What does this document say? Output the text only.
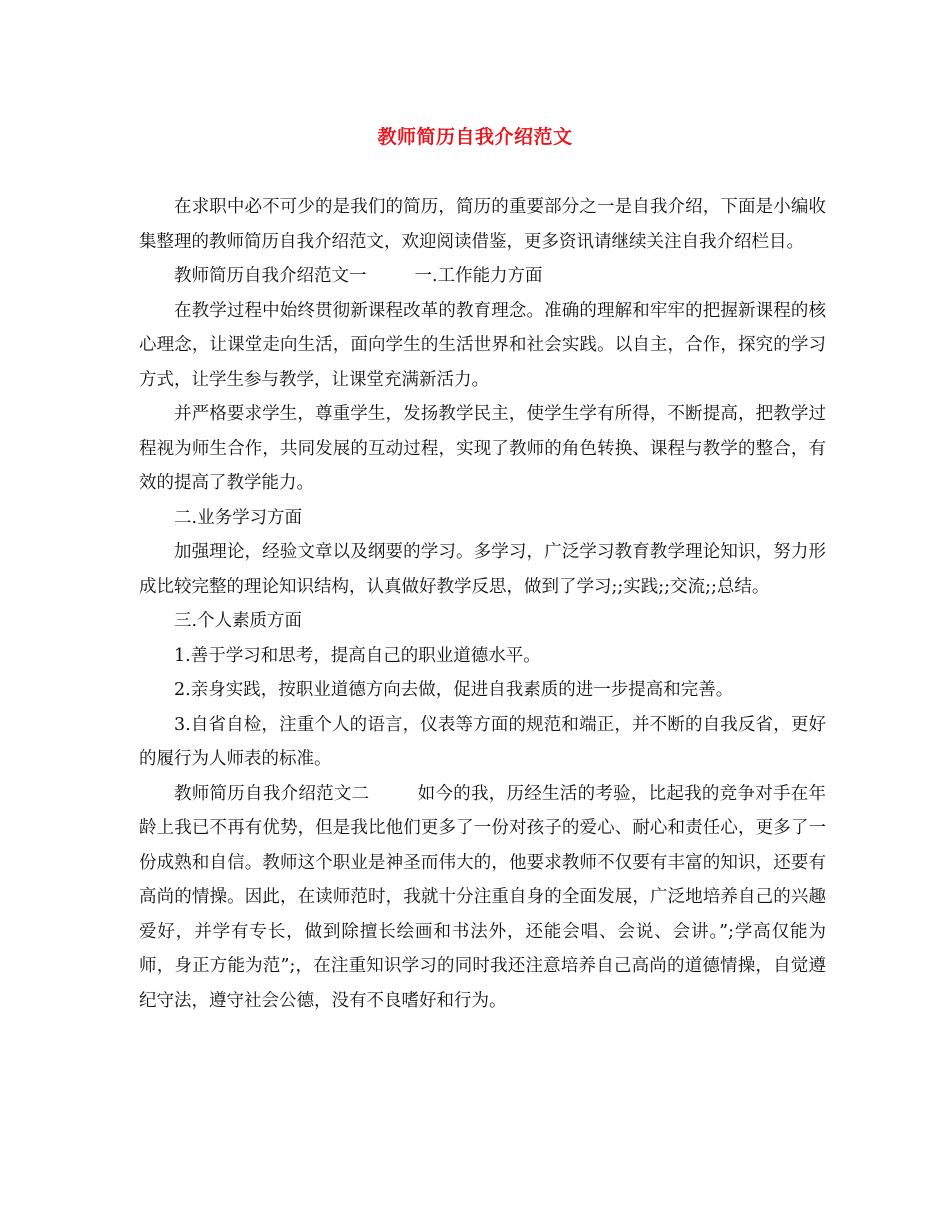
教师简历自我介绍范文

在求职中必不可少的是我们的简历，简历的重要部分之一是自我介绍，下面是小编收集整理的教师简历自我介绍范文，欢迎阅读借鉴，更多资讯请继续关注自我介绍栏目。

教师简历自我介绍范文一	一.工作能力方面

在教学过程中始终贯彻新课程改革的教育理念。准确的理解和牢牢的把握新课程的核心理念，让课堂走向生活，面向学生的生活世界和社会实践。以自主，合作，探究的学习方式，让学生参与教学，让课堂充满新活力。

并严格要求学生，尊重学生，发扬教学民主，使学生学有所得，不断提高，把教学过程视为师生合作，共同发展的互动过程，实现了教师的角色转换、课程与教学的整合，有效的提高了教学能力。

二.业务学习方面

加强理论，经验文章以及纲要的学习。多学习，广泛学习教育教学理论知识，努力形成比较完整的理论知识结构，认真做好教学反思，做到了学习;;实践;;交流;;总结。

三.个人素质方面

1.善于学习和思考，提高自己的职业道德水平。

2.亲身实践，按职业道德方向去做，促进自我素质的进一步提高和完善。

3.自省自检，注重个人的语言，仪表等方面的规范和端正，并不断的自我反省，更好的履行为人师表的标准。

教师简历自我介绍范文二	如今的我，历经生活的考验，比起我的竞争对手在年龄上我已不再有优势，但是我比他们更多了一份对孩子的爱心、耐心和责任心，更多了一份成熟和自信。教师这个职业是神圣而伟大的，他要求教师不仅要有丰富的知识，还要有高尚的情操。因此，在读师范时，我就十分注重自身的全面发展，广泛地培养自己的兴趣爱好，并学有专长，做到除擅长绘画和书法外，还能会唱、会说、会讲。”;学高仅能为师，身正方能为范”;，在注重知识学习的同时我还注意培养自己高尚的道德情操，自觉遵纪守法，遵守社会公德，没有不良嗜好和行为。
